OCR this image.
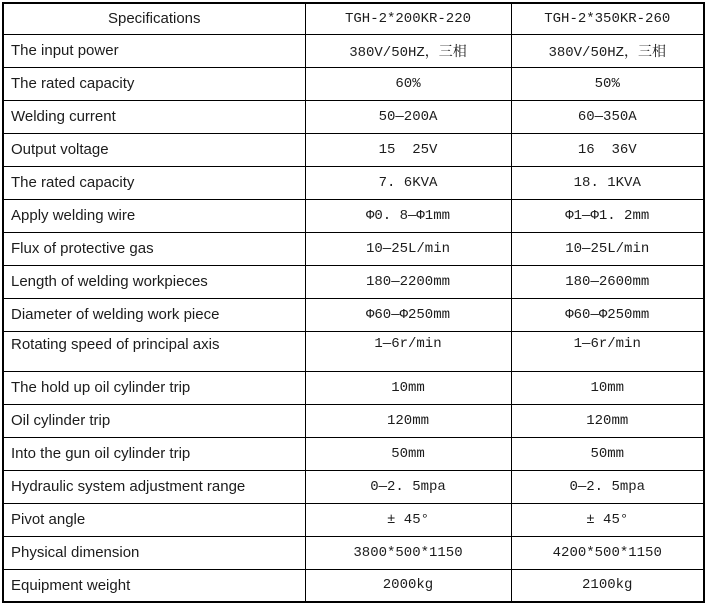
Specifications	TGH-2*200KR-220	TGH-2*350KR-260
The input power	380V/50HZ，三相	380V/50HZ，三相
The rated capacity	60%	50%
Welding current	50—200A	60—350A
Output voltage	15  25V	16  36V
The rated capacity	7. 6KVA	18. 1KVA
Apply welding wire	Φ0. 8—Φ1mm	Φ1—Φ1. 2mm
Flux of protective gas	10—25L/min	10—25L/min
Length of welding workpieces	180—2200mm	180—2600mm
Diameter of welding work piece	Φ60—Φ250mm	Φ60—Φ250mm
Rotating speed of principal axis	1—6r/min	1—6r/min
The hold up oil cylinder trip	10mm	10mm
Oil cylinder trip	120mm	120mm
Into the gun oil cylinder trip	50mm	50mm
Hydraulic system adjustment range	0—2. 5mpa	0—2. 5mpa
Pivot angle	± 45°	± 45°
Physical dimension	3800*500*1150	4200*500*1150
Equipment weight	2000kg	2100kg
